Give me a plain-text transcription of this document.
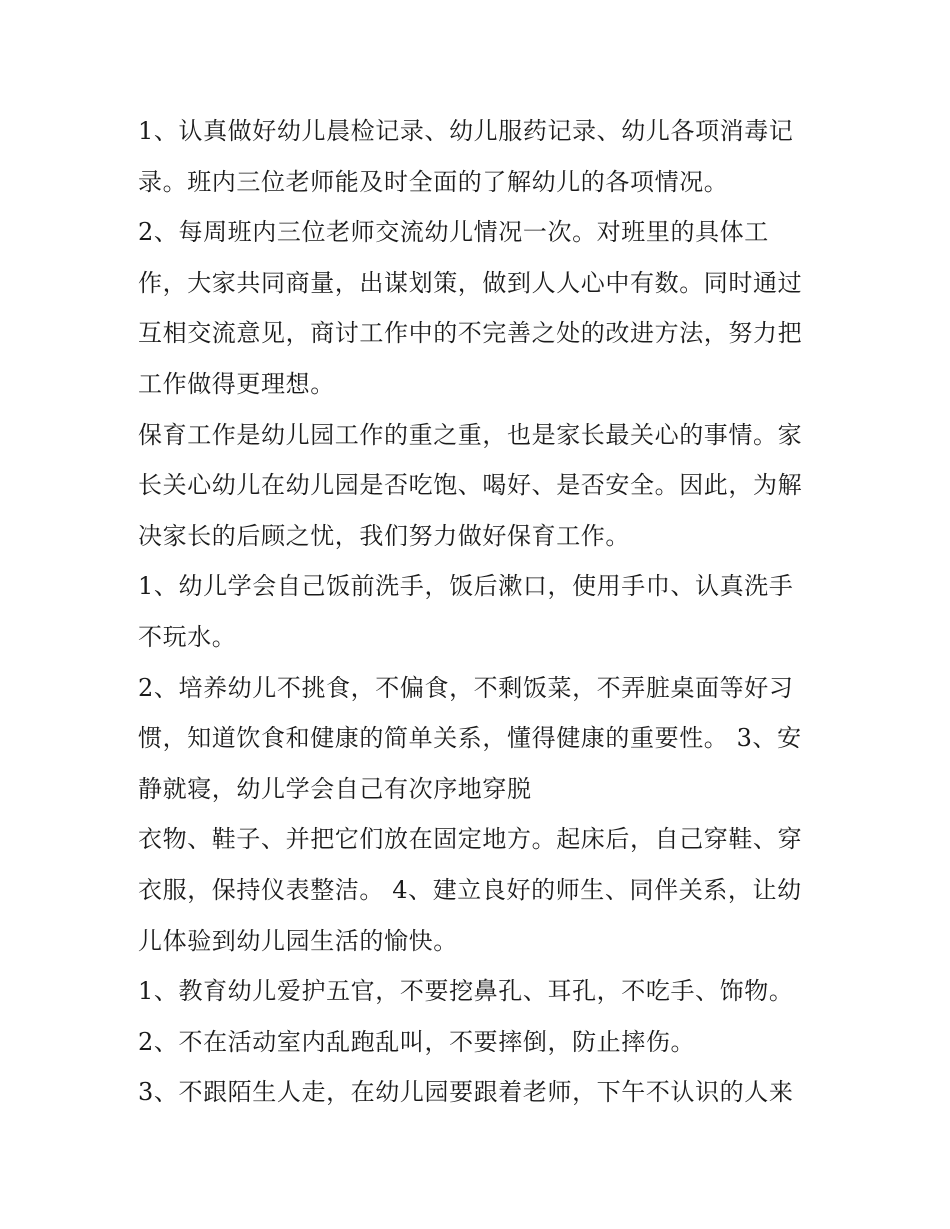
1、认真做好幼儿晨检记录、幼儿服药记录、幼儿各项消毒记
录。班内三位老师能及时全面的了解幼儿的各项情况。
2、每周班内三位老师交流幼儿情况一次。对班里的具体工
作，大家共同商量，出谋划策，做到人人心中有数。同时通过
互相交流意见，商讨工作中的不完善之处的改进方法，努力把
工作做得更理想。
保育工作是幼儿园工作的重之重，也是家长最关心的事情。家
长关心幼儿在幼儿园是否吃饱、喝好、是否安全。因此，为解
决家长的后顾之忧，我们努力做好保育工作。
1、幼儿学会自己饭前洗手，饭后漱口，使用手巾、认真洗手
不玩水。
2、培养幼儿不挑食，不偏食，不剩饭菜，不弄脏桌面等好习
惯，知道饮食和健康的简单关系，懂得健康的重要性。 3、安
静就寝，幼儿学会自己有次序地穿脱
衣物、鞋子、并把它们放在固定地方。起床后，自己穿鞋、穿
衣服，保持仪表整洁。 4、建立良好的师生、同伴关系，让幼
儿体验到幼儿园生活的愉快。
1、教育幼儿爱护五官，不要挖鼻孔、耳孔，不吃手、饰物。
2、不在活动室内乱跑乱叫，不要摔倒，防止摔伤。
3、不跟陌生人走，在幼儿园要跟着老师，下午不认识的人来
